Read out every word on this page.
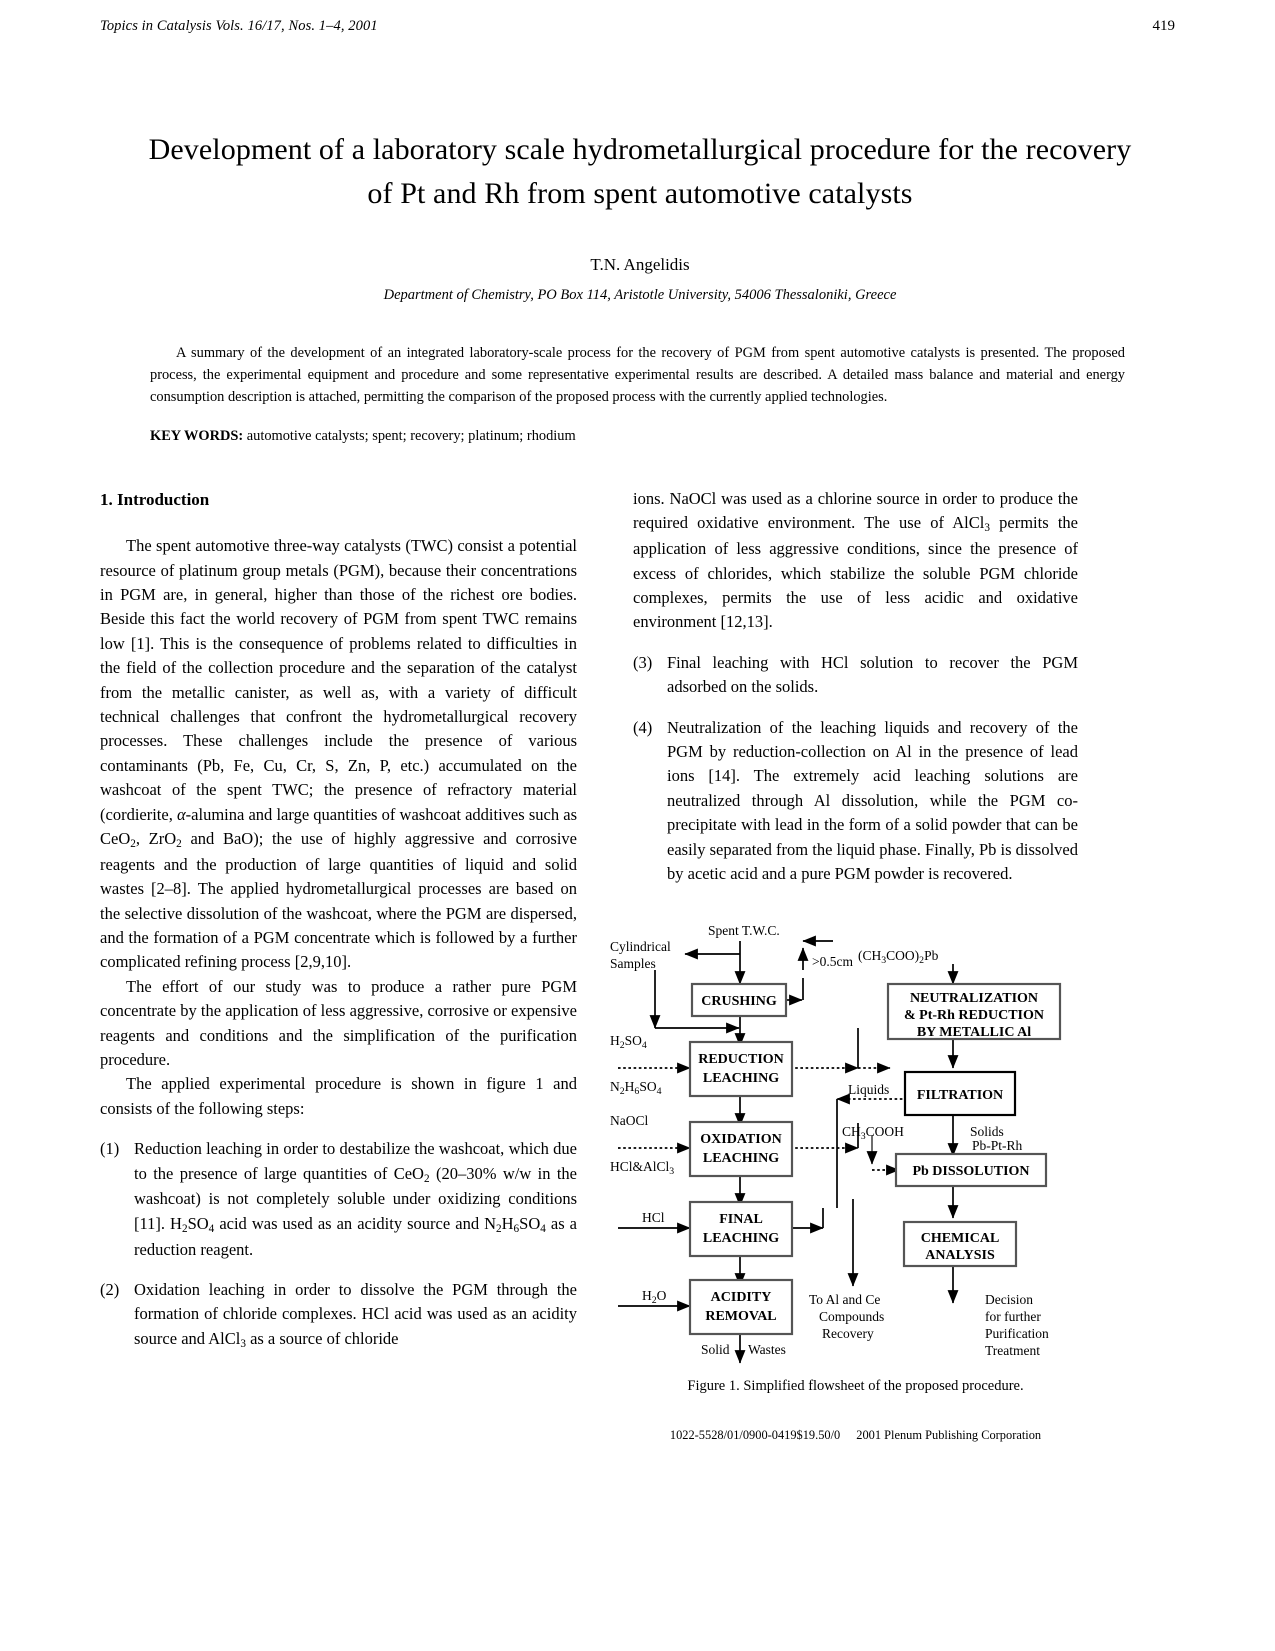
Topics in Catalysis Vols. 16/17, Nos. 1–4, 2001	419
Development of a laboratory scale hydrometallurgical procedure for the recovery of Pt and Rh from spent automotive catalysts
T.N. Angelidis
Department of Chemistry, PO Box 114, Aristotle University, 54006 Thessaloniki, Greece

A summary of the development of an integrated laboratory-scale process for the recovery of PGM from spent automotive catalysts is presented. The proposed process, the experimental equipment and procedure and some representative experimental results are described. A detailed mass balance and material and energy consumption description is attached, permitting the comparison of the proposed process with the currently applied technologies.

KEY WORDS: automotive catalysts; spent; recovery; platinum; rhodium
1. Introduction

The spent automotive three-way catalysts (TWC) consist a potential resource of platinum group metals (PGM), because their concentrations in PGM are, in general, higher than those of the richest ore bodies. Beside this fact the world recovery of PGM from spent TWC remains low [1]. This is the consequence of problems related to difficulties in the field of the collection procedure and the separation of the catalyst from the metallic canister, as well as, with a variety of difficult technical challenges that confront the hydrometallurgical recovery processes. These challenges include the presence of various contaminants (Pb, Fe, Cu, Cr, S, Zn, P, etc.) accumulated on the washcoat of the spent TWC; the presence of refractory material (cordierite, α-alumina and large quantities of washcoat additives such as CeO$_2$, ZrO$_2$ and BaO); the use of highly aggressive and corrosive reagents and the production of large quantities of liquid and solid wastes [2–8]. The applied hydrometallurgical processes are based on the selective dissolution of the washcoat, where the PGM are dispersed, and the formation of a PGM concentrate which is followed by a further complicated refining process [2,9,10].

The effort of our study was to produce a rather pure PGM concentrate by the application of less aggressive, corrosive or expensive reagents and conditions and the simplification of the purification procedure.

The applied experimental procedure is shown in figure 1 and consists of the following steps:

(1) Reduction leaching in order to destabilize the washcoat, which due to the presence of large quantities of CeO$_2$ (20–30% w/w in the washcoat) is not completely soluble under oxidizing conditions [11]. $H_2SO_4$ acid was used as an acidity source and $N_2H_6SO_4$ as a reduction reagent.
(2) Oxidation leaching in order to dissolve the PGM through the formation of chloride complexes. HCl acid was used as an acidity source and AlCl$_3$ as a source of chloride

ions. NaOCl was used as a chlorine source in order to produce the required oxidative environment. The use of AlCl$_3$ permits the application of less aggressive conditions, since the presence of excess of chlorides, which stabilize the soluble PGM chloride complexes, permits the use of less acidic and oxidative environment [12,13].

(3) Final leaching with HCl solution to recover the PGM adsorbed on the solids.
(4) Neutralization of the leaching liquids and recovery of the PGM by reduction-collection on Al in the presence of lead ions [14]. The extremely acid leaching solutions are neutralized through Al dissolution, while the PGM co-precipitate with lead in the form of a solid powder that can be easily separated from the liquid phase. Finally, Pb is dissolved by acetic acid and a pure PGM powder is recovered.
CRUSHING
REDUCTION
LEACHING
OXIDATION
LEACHING
FINAL
LEACHING
ACIDITY
REMOVAL
NEUTRALIZATION
& Pt-Rh REDUCTION
BY METALLIC Al
FILTRATION
Pb DISSOLUTION
CHEMICAL
ANALYSIS
Spent T.W.C.
Cylindrical
Samples	>0.5cm
$H_2SO_4$
$N_2H_6SO_4$
NaOCl
HCl&AlCl$_3$
HCl
$H_2O$
Solid Wastes
$(CH_3COO)_2Pb$
Liquids
$CH_3COOH$	Solids
Pb-Pt-Rh
To Al and Ce
Compounds
Recovery
Decision
for further
Purification
Treatment
Figure 1. Simplified flowsheet of the proposed procedure.
1022-5528/01/0900-0419$19.50/0 2001 Plenum Publishing Corporation
